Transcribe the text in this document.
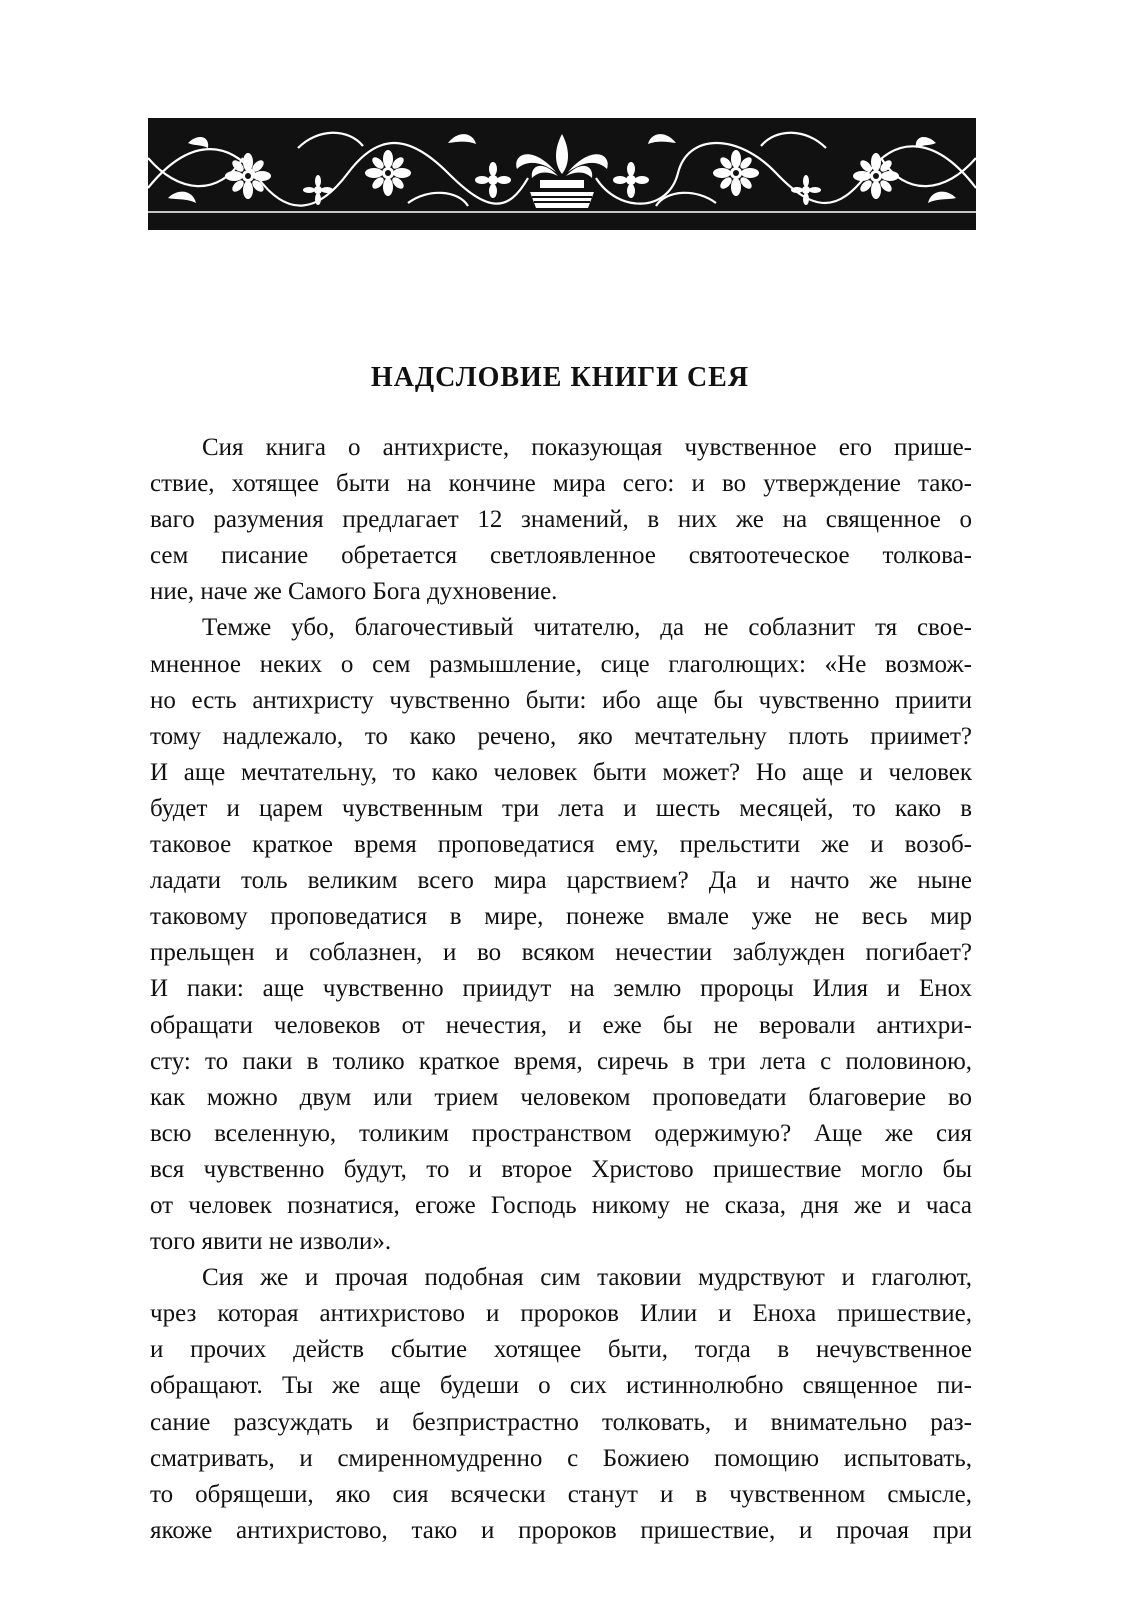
НАДСЛОВИЕ КНИГИ СЕЯ
Сия книга о антихристе, показующая чувственное его прише-
ствие, хотящее быти на кончине мира сего: и во утверждение тако-
ваго разумения предлагает 12 знамений, в них же на священное о
сем писание обретается светлоявленное святоотеческое толкова-
ние, наче же Самого Бога духновение.
Темже убо, благочестивый читателю, да не соблазнит тя свое-
мненное неких о сем размышление, сице глаголющих: «Не возмож-
но есть антихристу чувственно быти: ибо аще бы чувственно приити
тому надлежало, то како речено, яко мечтательну плоть приимет?
И аще мечтательну, то како человек быти может? Но аще и человек
будет и царем чувственным три лета и шесть месяцей, то како в
таковое краткое время проповедатися ему, прельстити же и возоб-
ладати толь великим всего мира царствием? Да и начто же ныне
таковому проповедатися в мире, понеже вмале уже не весь мир
прельщен и соблазнен, и во всяком нечестии заблужден погибает?
И паки: аще чувственно приидут на землю пророцы Илия и Енох
обращати человеков от нечестия, и еже бы не веровали антихри-
сту: то паки в толико краткое время, сиречь в три лета с половиною,
как можно двум или трием человеком проповедати благоверие во
всю вселенную, толиким пространством одержимую? Аще же сия
вся чувственно будут, то и второе Христово пришествие могло бы
от человек познатися, егоже Господь никому не сказа, дня же и часа
того явити не изволи».
Сия же и прочая подобная сим таковии мудрствуют и глаголют,
чрез которая антихристово и пророков Илии и Еноха пришествие,
и прочих действ сбытие хотящее быти, тогда в нечувственное
обращают. Ты же аще будеши о сих истиннолюбно священное пи-
сание разсуждать и безпристрастно толковать, и внимательно раз-
сматривать, и смиренномудренно с Божиею помощию испытовать,
то обрящеши, яко сия всячески станут и в чувственном смысле,
якоже антихристово, тако и пророков пришествие, и прочая при
